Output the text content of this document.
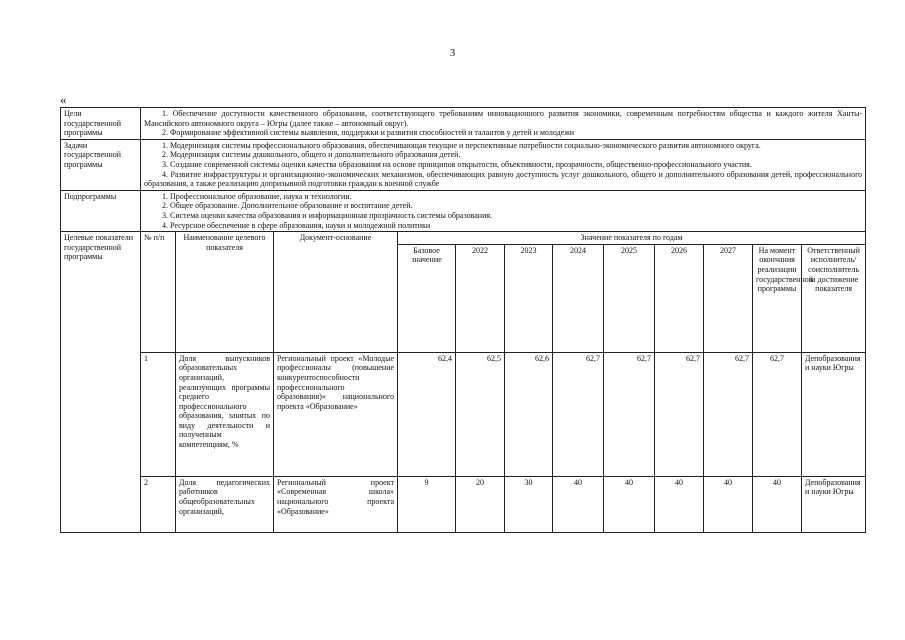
3
«
Цели государственной программы	1. Обеспечение доступности качественного образования, соответствующего требованиям инновационного развития экономики, современным потребностям общества и каждого жителя Ханты-Мансийского автономного округа – Югры (далее также – автономный округ).
2. Формирование эффективной системы выявления, поддержки и развития способностей и талантов у детей и молодежи											

Задачи государственной программы	1. Модернизация системы профессионального образования, обеспечивающая текущие и перспективные потребности социально-экономического развития автономного округа.
2. Модернизация системы дошкольного, общего и дополнительного образования детей.
3. Создание современной системы оценки качества образования на основе принципов открытости, объективности, прозрачности, общественно-профессионального участия.
4. Развитие инфраструктуры и организационно-экономических механизмов, обеспечивающих равную доступность услуг дошкольного, общего и дополнительного образования детей, профессионального образования, а также реализацию допризывной подготовки граждан к военной службе											

Подпрограммы	1. Профессиональное образование, наука и технологии.
2. Общее образование. Дополнительное образование и воспитание детей.
3. Система оценки качества образования и информационная прозрачность системы образования.
4. Ресурсное обеспечение в сфере образования, науки и молодежной политики											

Целевые показатели государственной программы	№ п/п	Наименование целевого показателя	Документ-основание	Значение показателя по годам								
				Базовое значение	2022	2023	2024	2025	2026	2027	На момент окончания реализации государственной программы	Ответственный исполнитель/соисполнитель за достижение показателя
	1	Доля выпускников образовательных организаций, реализующих программы среднего профессионального образования, занятых по виду деятельности и полученным компетенциям, %	Региональный проект «Молодые профессионалы (повышение конкурентоспособности профессионального образования)» национального проекта «Образование»	62,4	62,5	62,6	62,7	62,7	62,7	62,7	62,7	Депобразования и науки Югры
	2	Доля педагогических работников общеобразовательных организаций,	Региональный проект «Современная школа» национального проекта «Образование»	9	20	30	40	40	40	40	40	Депобразования и науки Югры
